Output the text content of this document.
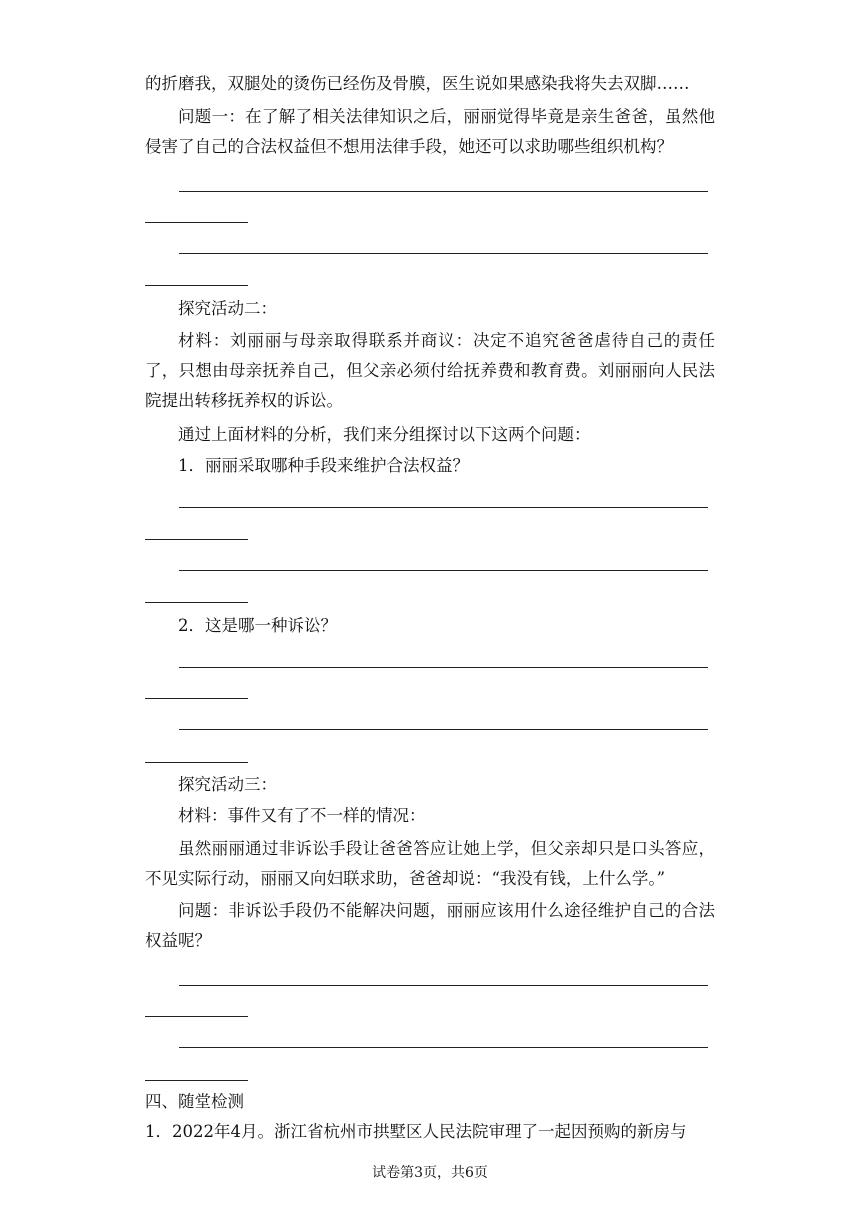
的折磨我，双腿处的烫伤已经伤及骨膜，医生说如果感染我将失去双脚……
问题一：在了解了相关法律知识之后，丽丽觉得毕竟是亲生爸爸，虽然他侵害了自己的合法权益但不想用法律手段，她还可以求助哪些组织机构？
探究活动二：
材料：刘丽丽与母亲取得联系并商议：决定不追究爸爸虐待自己的责任了，只想由母亲抚养自己，但父亲必须付给抚养费和教育费。刘丽丽向人民法院提出转移抚养权的诉讼。
通过上面材料的分析，我们来分组探讨以下这两个问题：
1．丽丽采取哪种手段来维护合法权益？
2．这是哪一种诉讼？
探究活动三：
材料：事件又有了不一样的情况：
虽然丽丽通过非诉讼手段让爸爸答应让她上学，但父亲却只是口头答应，不见实际行动，丽丽又向妇联求助，爸爸却说：“我没有钱，上什么学。”
问题：非诉讼手段仍不能解决问题，丽丽应该用什么途径维护自己的合法权益呢？
四、随堂检测
1．2022年4月。浙江省杭州市拱墅区人民法院审理了一起因预购的新房与
试卷第3页，共6页
